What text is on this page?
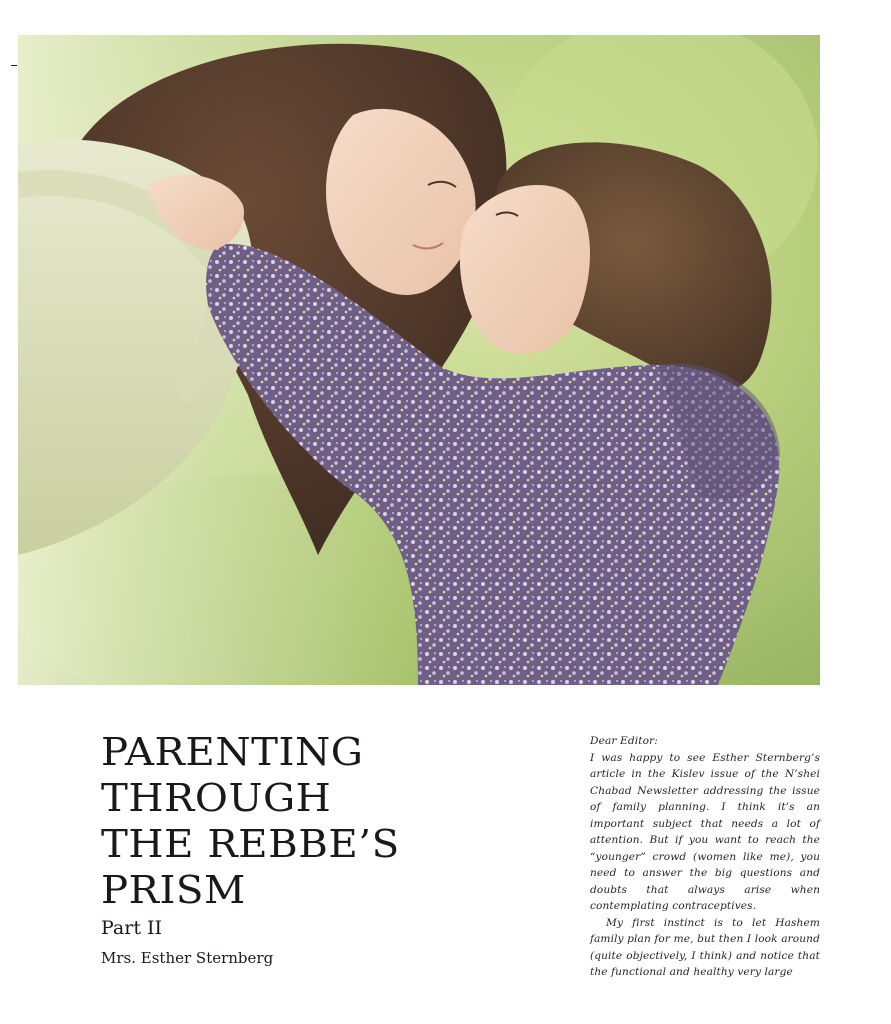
PARENTING
THROUGH
THE REBBE’S
PRISM
Part II
Mrs. Esther Sternberg

Dear Editor:

I was happy to see Esther Sternberg’s article in the Kislev issue of the N’shei Chabad Newsletter addressing the issue of family planning. I think it’s an important subject that needs a lot of attention. But if you want to reach the “younger” crowd (women like me), you need to answer the big questions and doubts that always arise when contemplating contraceptives.

My first instinct is to let Hashem family plan for me, but then I look around (quite objectively, I think) and notice that the functional and healthy very large
